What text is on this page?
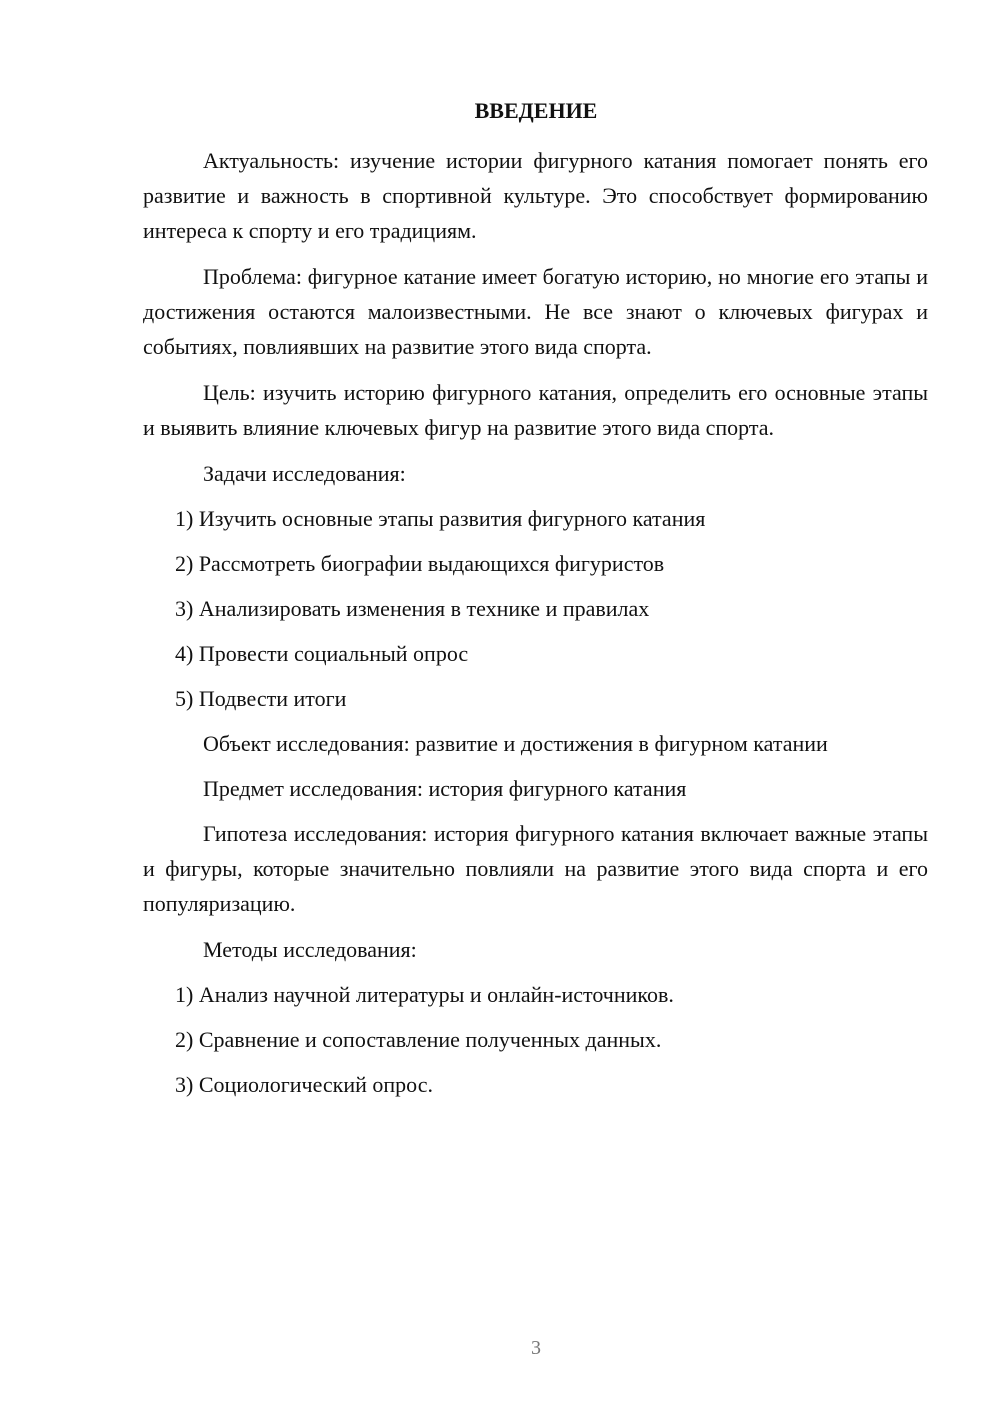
ВВЕДЕНИЕ

Актуальность: изучение истории фигурного катания помогает понять его развитие и важность в спортивной культуре. Это способствует формированию интереса к спорту и его традициям.

Проблема: фигурное катание имеет богатую историю, но многие его этапы и достижения остаются малоизвестными. Не все знают о ключевых фигурах и событиях, повлиявших на развитие этого вида спорта.

Цель: изучить историю фигурного катания, определить его основные этапы и выявить влияние ключевых фигур на развитие этого вида спорта.

Задачи исследования:

1) Изучить основные этапы развития фигурного катания

2) Рассмотреть биографии выдающихся фигуристов

3) Анализировать изменения в технике и правилах

4) Провести социальный опрос

5) Подвести итоги

Объект исследования: развитие и достижения в фигурном катании

Предмет исследования: история фигурного катания

Гипотеза исследования: история фигурного катания включает важные этапы и фигуры, которые значительно повлияли на развитие этого вида спорта и его популяризацию.

Методы исследования:

1) Анализ научной литературы и онлайн-источников.

2) Сравнение и сопоставление полученных данных.

3) Социологический опрос.

3
